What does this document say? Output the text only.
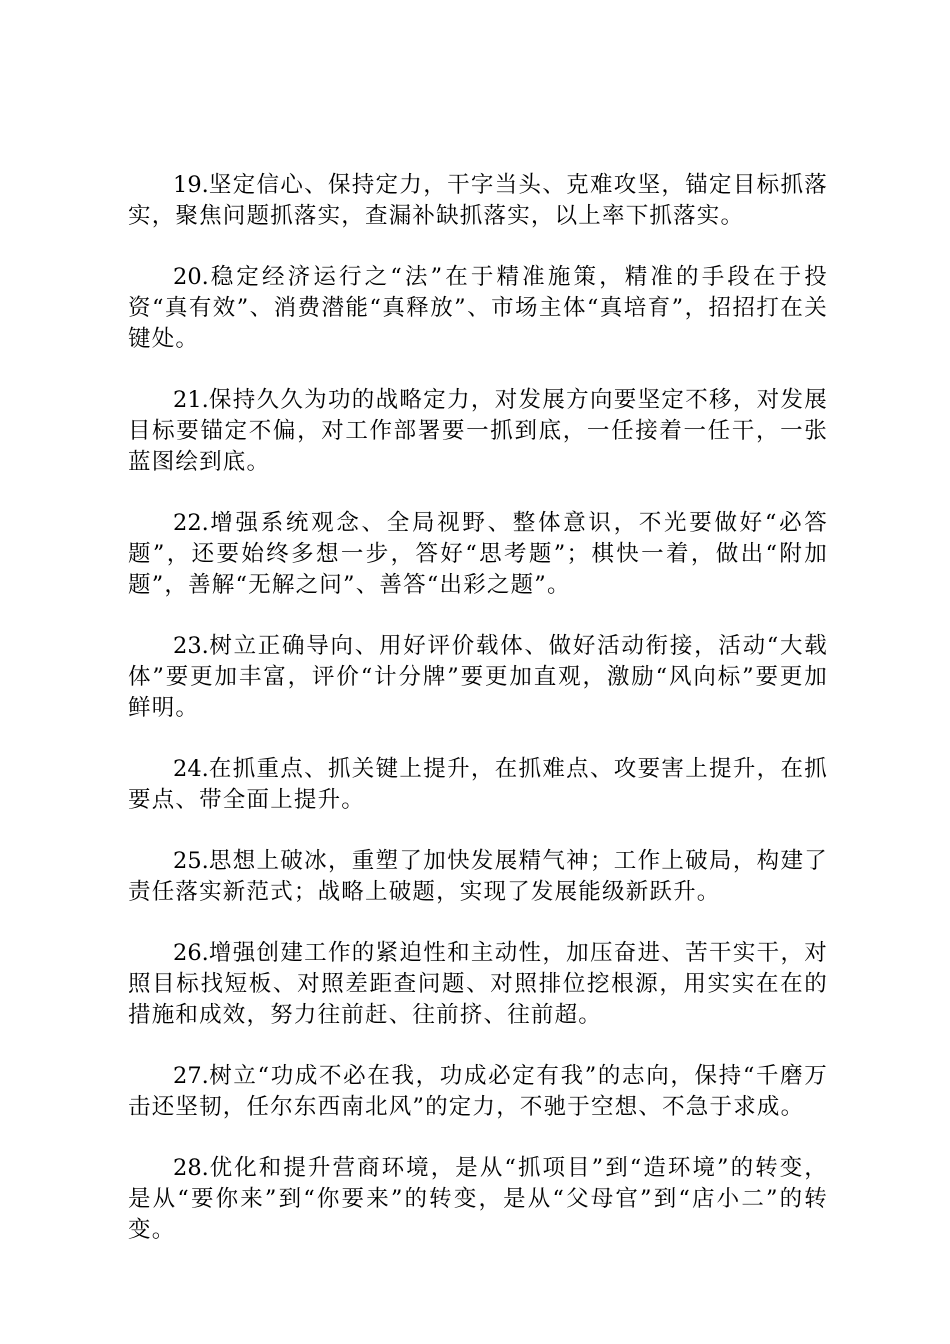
19.坚定信心、保持定力，干字当头、克难攻坚，锚定目标抓落实，聚焦问题抓落实，查漏补缺抓落实，以上率下抓落实。

20.稳定经济运行之“法”在于精准施策，精准的手段在于投资“真有效”、消费潜能“真释放”、市场主体“真培育”，招招打在关键处。

21.保持久久为功的战略定力，对发展方向要坚定不移，对发展目标要锚定不偏，对工作部署要一抓到底，一任接着一任干，一张蓝图绘到底。

22.增强系统观念、全局视野、整体意识，不光要做好“必答题”，还要始终多想一步，答好“思考题”；棋快一着，做出“附加题”，善解“无解之问”、善答“出彩之题”。

23.树立正确导向、用好评价载体、做好活动衔接，活动“大载体”要更加丰富，评价“计分牌”要更加直观，激励“风向标”要更加鲜明。

24.在抓重点、抓关键上提升，在抓难点、攻要害上提升，在抓要点、带全面上提升。

25.思想上破冰，重塑了加快发展精气神；工作上破局，构建了责任落实新范式；战略上破题，实现了发展能级新跃升。

26.增强创建工作的紧迫性和主动性，加压奋进、苦干实干，对照目标找短板、对照差距查问题、对照排位挖根源，用实实在在的措施和成效，努力往前赶、往前挤、往前超。

27.树立“功成不必在我，功成必定有我”的志向，保持“千磨万击还坚韧，任尔东西南北风”的定力，不驰于空想、不急于求成。

28.优化和提升营商环境，是从“抓项目”到“造环境”的转变，是从“要你来”到“你要来”的转变，是从“父母官”到“店小二”的转变。
